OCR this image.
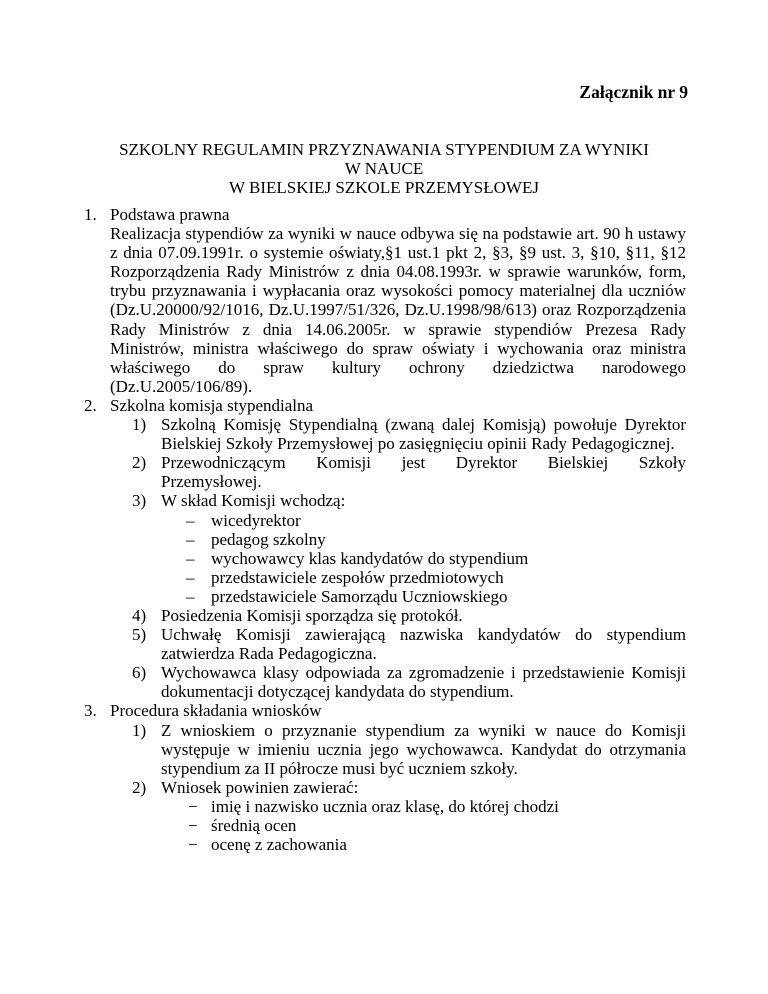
Załącznik nr 9
SZKOLNY REGULAMIN PRZYZNAWANIA STYPENDIUM ZA WYNIKI
W NAUCE
W BIELSKIEJ SZKOLE PRZEMYSŁOWEJ
1. Podstawa prawna
Realizacja stypendiów za wyniki w nauce odbywa się na podstawie art. 90 h ustawy z dnia 07.09.1991r. o systemie oświaty,§1 ust.1 pkt 2, §3, §9 ust. 3, §10, §11, §12 Rozporządzenia Rady Ministrów z dnia 04.08.1993r. w sprawie warunków, form, trybu przyznawania i wypłacania oraz wysokości pomocy materialnej dla uczniów (Dz.U.20000/92/1016, Dz.U.1997/51/326, Dz.U.1998/98/613) oraz Rozporządzenia Rady Ministrów z dnia 14.06.2005r. w sprawie stypendiów Prezesa Rady Ministrów, ministra właściwego do spraw oświaty i wychowania oraz ministra właściwego do spraw kultury ochrony dziedzictwa narodowego (Dz.U.2005/106/89).
2. Szkolna komisja stypendialna
1) Szkolną Komisję Stypendialną (zwaną dalej Komisją) powołuje Dyrektor Bielskiej Szkoły Przemysłowej po zasięgnięciu opinii Rady Pedagogicznej.
2) Przewodniczącym Komisji jest Dyrektor Bielskiej Szkoły
Przemysłowej.
3) W skład Komisji wchodzą:
– wicedyrektor
– pedagog szkolny
– wychowawcy klas kandydatów do stypendium
– przedstawiciele zespołów przedmiotowych
– przedstawiciele Samorządu Uczniowskiego
4) Posiedzenia Komisji sporządza się protokół.
5) Uchwałę Komisji zawierającą nazwiska kandydatów do stypendium zatwierdza Rada Pedagogiczna.
6) Wychowawca klasy odpowiada za zgromadzenie i przedstawienie Komisji dokumentacji dotyczącej kandydata do stypendium.
3. Procedura składania wniosków
1) Z wnioskiem o przyznanie stypendium za wyniki w nauce do Komisji występuje w imieniu ucznia jego wychowawca. Kandydat do otrzymania stypendium za II półrocze musi być uczniem szkoły.
2) Wniosek powinien zawierać:
− imię i nazwisko ucznia oraz klasę, do której chodzi
− średnią ocen
− ocenę z zachowania
